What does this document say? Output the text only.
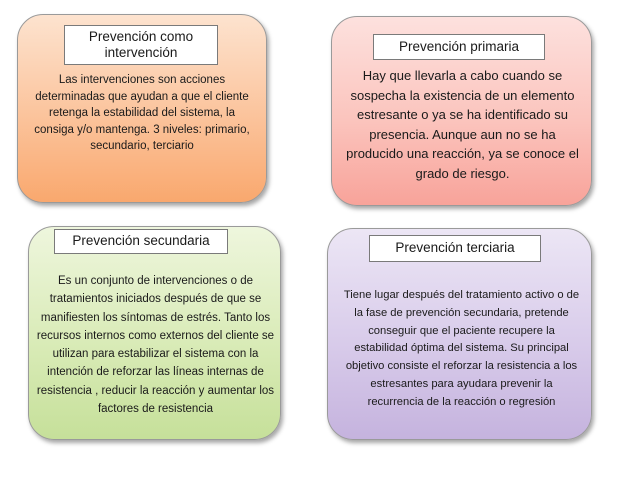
Prevención como intervención
Las intervenciones son acciones determinadas que ayudan a que el cliente retenga la estabilidad del sistema, la consiga y/o mantenga. 3 niveles: primario, secundario, terciario
Prevención primaria
Hay que llevarla a cabo cuando se sospecha la existencia de un elemento estresante o ya se ha identificado su presencia. Aunque aun no se ha producido una reacción, ya se conoce el grado de riesgo.
Prevención secundaria
Es un conjunto de intervenciones o de tratamientos iniciados después de que se manifiesten los síntomas de estrés. Tanto los recursos internos como externos del cliente se utilizan para estabilizar el sistema con la intención de reforzar las líneas internas de resistencia , reducir la reacción y aumentar los factores de resistencia
Prevención terciaria
Tiene lugar después del tratamiento activo o de la fase de prevención secundaria, pretende conseguir que el paciente recupere la estabilidad óptima del sistema. Su principal objetivo consiste el reforzar la resistencia a los estresantes para ayudara prevenir la recurrencia de la reacción o regresión
